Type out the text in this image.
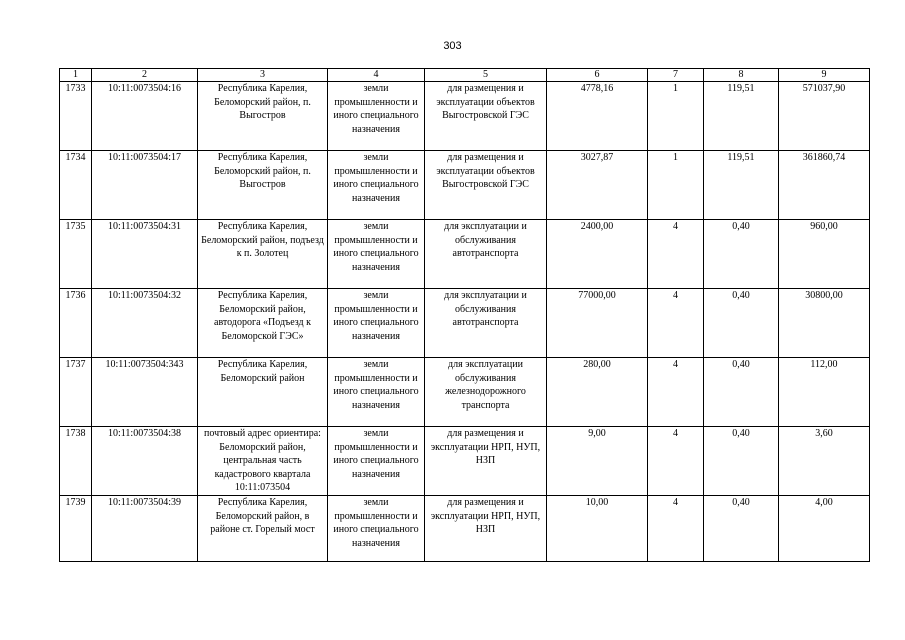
303
1	2	3	4	5	6	7	8	9
1733	10:11:0073504:16	Республика Карелия, Беломорский район, п. Выгостров	земли промышленности и иного специального назначения	для размещения и эксплуатации объектов Выгостровской ГЭС	4778,16	1	119,51	571037,90
1734	10:11:0073504:17	Республика Карелия, Беломорский район, п. Выгостров	земли промышленности и иного специального назначения	для размещения и эксплуатации объектов Выгостровской ГЭС	3027,87	1	119,51	361860,74
1735	10:11:0073504:31	Республика Карелия, Беломорский район, подъезд к п. Золотец	земли промышленности и иного специального назначения	для эксплуатации и обслуживания автотранспорта	2400,00	4	0,40	960,00
1736	10:11:0073504:32	Республика Карелия, Беломорский район, автодорога «Подъезд к Беломорской ГЭС»	земли промышленности и иного специального назначения	для эксплуатации и обслуживания автотранспорта	77000,00	4	0,40	30800,00
1737	10:11:0073504:343	Республика Карелия, Беломорский район	земли промышленности и иного специального назначения	для эксплуатации обслуживания железнодорожного транспорта	280,00	4	0,40	112,00
1738	10:11:0073504:38	почтовый адрес ориентира: Беломорский район, центральная часть кадастрового квартала 10:11:073504	земли промышленности и иного специального назначения	для размещения и эксплуатации НРП, НУП, НЗП	9,00	4	0,40	3,60
1739	10:11:0073504:39	Республика Карелия, Беломорский район, в районе ст. Горелый мост	земли промышленности и иного специального назначения	для размещения и эксплуатации НРП, НУП, НЗП	10,00	4	0,40	4,00
